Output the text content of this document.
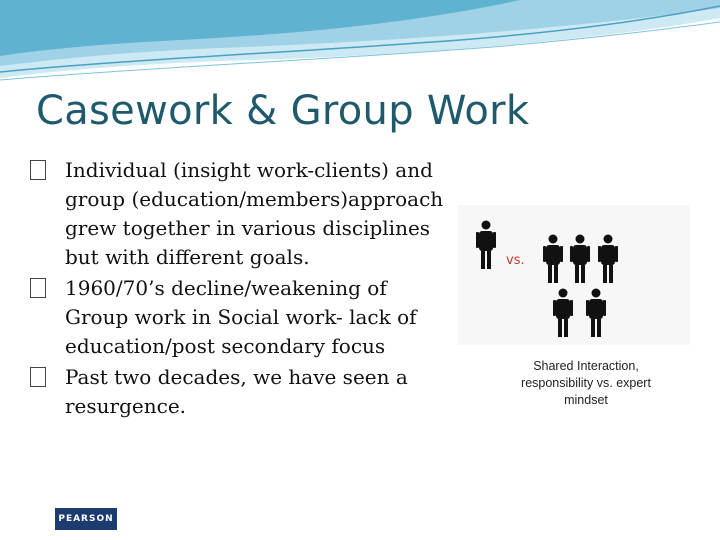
Casework & Group Work
Individual (insight work-clients) and group (education/members)approach grew together in various disciplines but with different goals.
1960/70’s decline/weakening of Group work in Social work- lack of education/post secondary focus
Past two decades, we have seen a resurgence.
vs.
Shared Interaction, responsibility vs. expert mindset
PEARSON
